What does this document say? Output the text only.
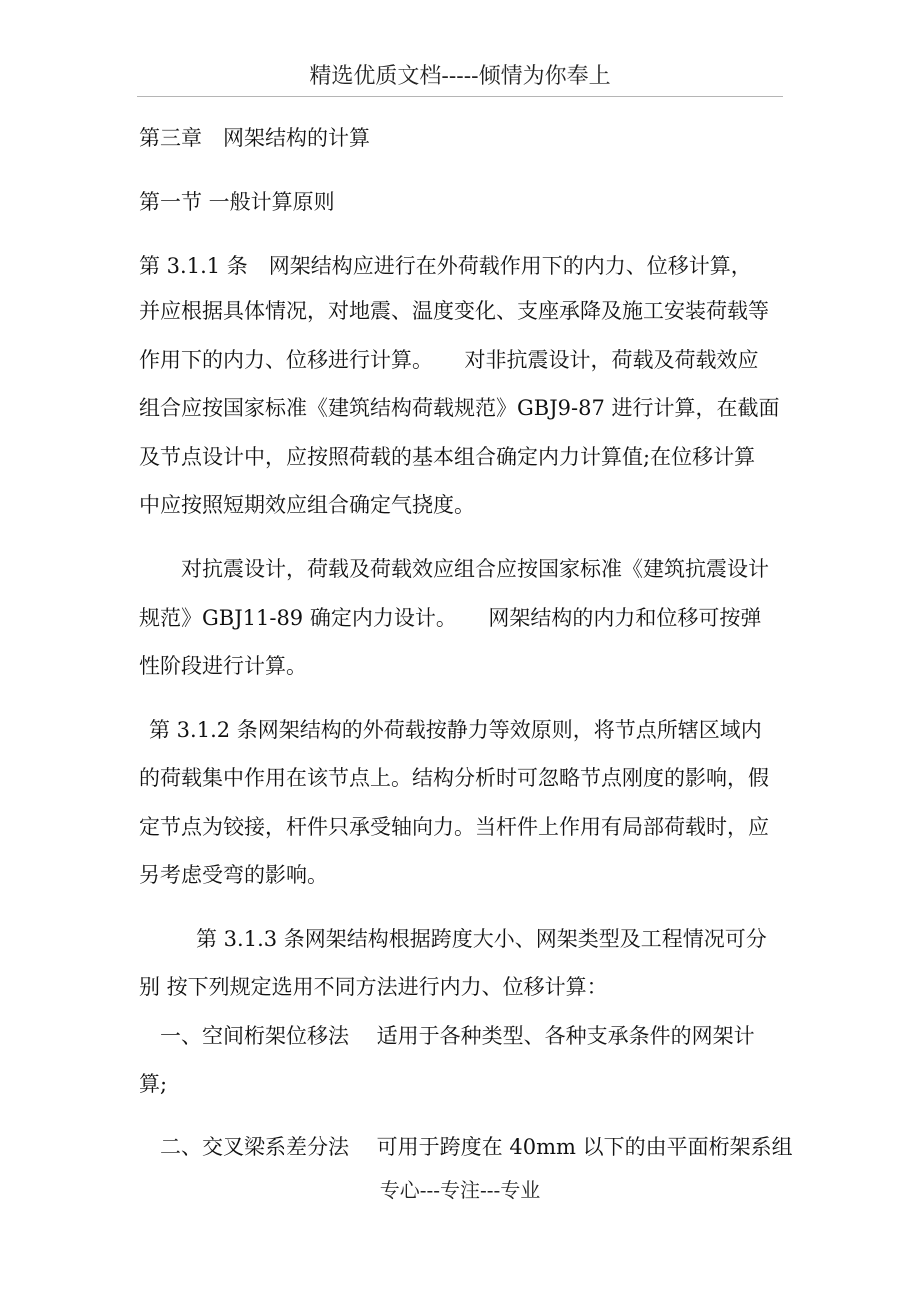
精选优质文档-----倾情为你奉上
第三章　网架结构的计算
第一节 一般计算原则
第 3.1.1 条　网架结构应进行在外荷载作用下的内力、位移计算，
并应根据具体情况，对地震、温度变化、支座承降及施工安装荷载等
作用下的内力、位移进行计算。　　对非抗震设计，荷载及荷载效应
组合应按国家标准《建筑结构荷载规范》GBJ9-87 进行计算，在截面
及节点设计中，应按照荷载的基本组合确定内力计算值;在位移计算
中应按照短期效应组合确定气挠度。
对抗震设计，荷载及荷载效应组合应按国家标准《建筑抗震设计
规范》GBJ11-89 确定内力设计。　　网架结构的内力和位移可按弹
性阶段进行计算。
第 3.1.2 条网架结构的外荷载按静力等效原则，将节点所辖区域内
的荷载集中作用在该节点上。结构分析时可忽略节点刚度的影响，假
定节点为铰接，杆件只承受轴向力。当杆件上作用有局部荷载时，应
另考虑受弯的影响。
第 3.1.3 条网架结构根据跨度大小、网架类型及工程情况可分
别 按下列规定选用不同方法进行内力、位移计算：
一、空间桁架位移法　 适用于各种类型、各种支承条件的网架计
算;
二、交叉梁系差分法　 可用于跨度在 40mm 以下的由平面桁架系组
专心---专注---专业
